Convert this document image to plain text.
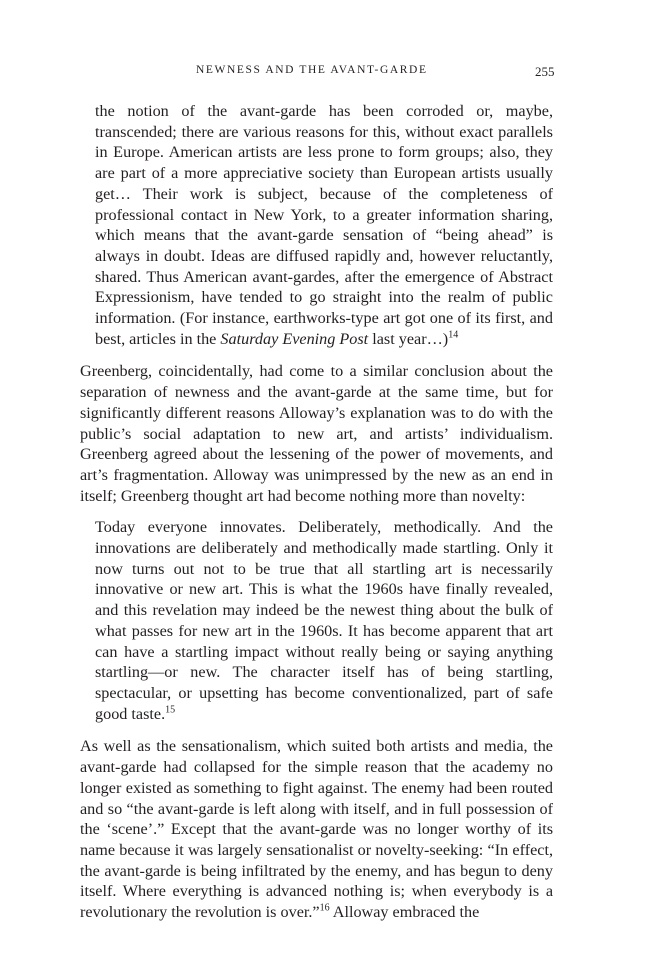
NEWNESS AND THE AVANT-GARDE	255

the notion of the avant-garde has been corroded or, maybe, transcended; there are various reasons for this, without exact parallels in Europe. American artists are less prone to form groups; also, they are part of a more appreciative society than European artists usually get… Their work is subject, because of the completeness of professional contact in New York, to a greater information sharing, which means that the avant-garde sensation of “being ahead” is always in doubt. Ideas are diffused rapidly and, however reluctantly, shared. Thus American avant-gardes, after the emergence of Abstract Expressionism, have tended to go straight into the realm of public information. (For instance, earthworks-type art got one of its first, and best, articles in the Saturday Evening Post last year…)$^{14}$

Greenberg, coincidentally, had come to a similar conclusion about the separation of newness and the avant-garde at the same time, but for significantly different reasons Alloway’s explanation was to do with the public’s social adaptation to new art, and artists’ individualism. Greenberg agreed about the lessening of the power of movements, and art’s fragmentation. Alloway was unimpressed by the new as an end in itself; Greenberg thought art had become nothing more than novelty:

Today everyone innovates. Deliberately, methodically. And the innovations are deliberately and methodically made startling. Only it now turns out not to be true that all startling art is necessarily innovative or new art. This is what the 1960s have finally revealed, and this revelation may indeed be the newest thing about the bulk of what passes for new art in the 1960s. It has become apparent that art can have a startling impact without really being or saying anything startling—or new. The character itself has of being startling, spectacular, or upsetting has become conventionalized, part of safe good taste.$^{15}$

As well as the sensationalism, which suited both artists and media, the avant-garde had collapsed for the simple reason that the academy no longer existed as something to fight against. The enemy had been routed and so “the avant-garde is left along with itself, and in full possession of the ‘scene’.” Except that the avant-garde was no longer worthy of its name because it was largely sensationalist or novelty-seeking: “In effect, the avant-garde is being infiltrated by the enemy, and has begun to deny itself. Where everything is advanced nothing is; when everybody is a revolutionary the revolution is over.”$^{16}$ Alloway embraced the
